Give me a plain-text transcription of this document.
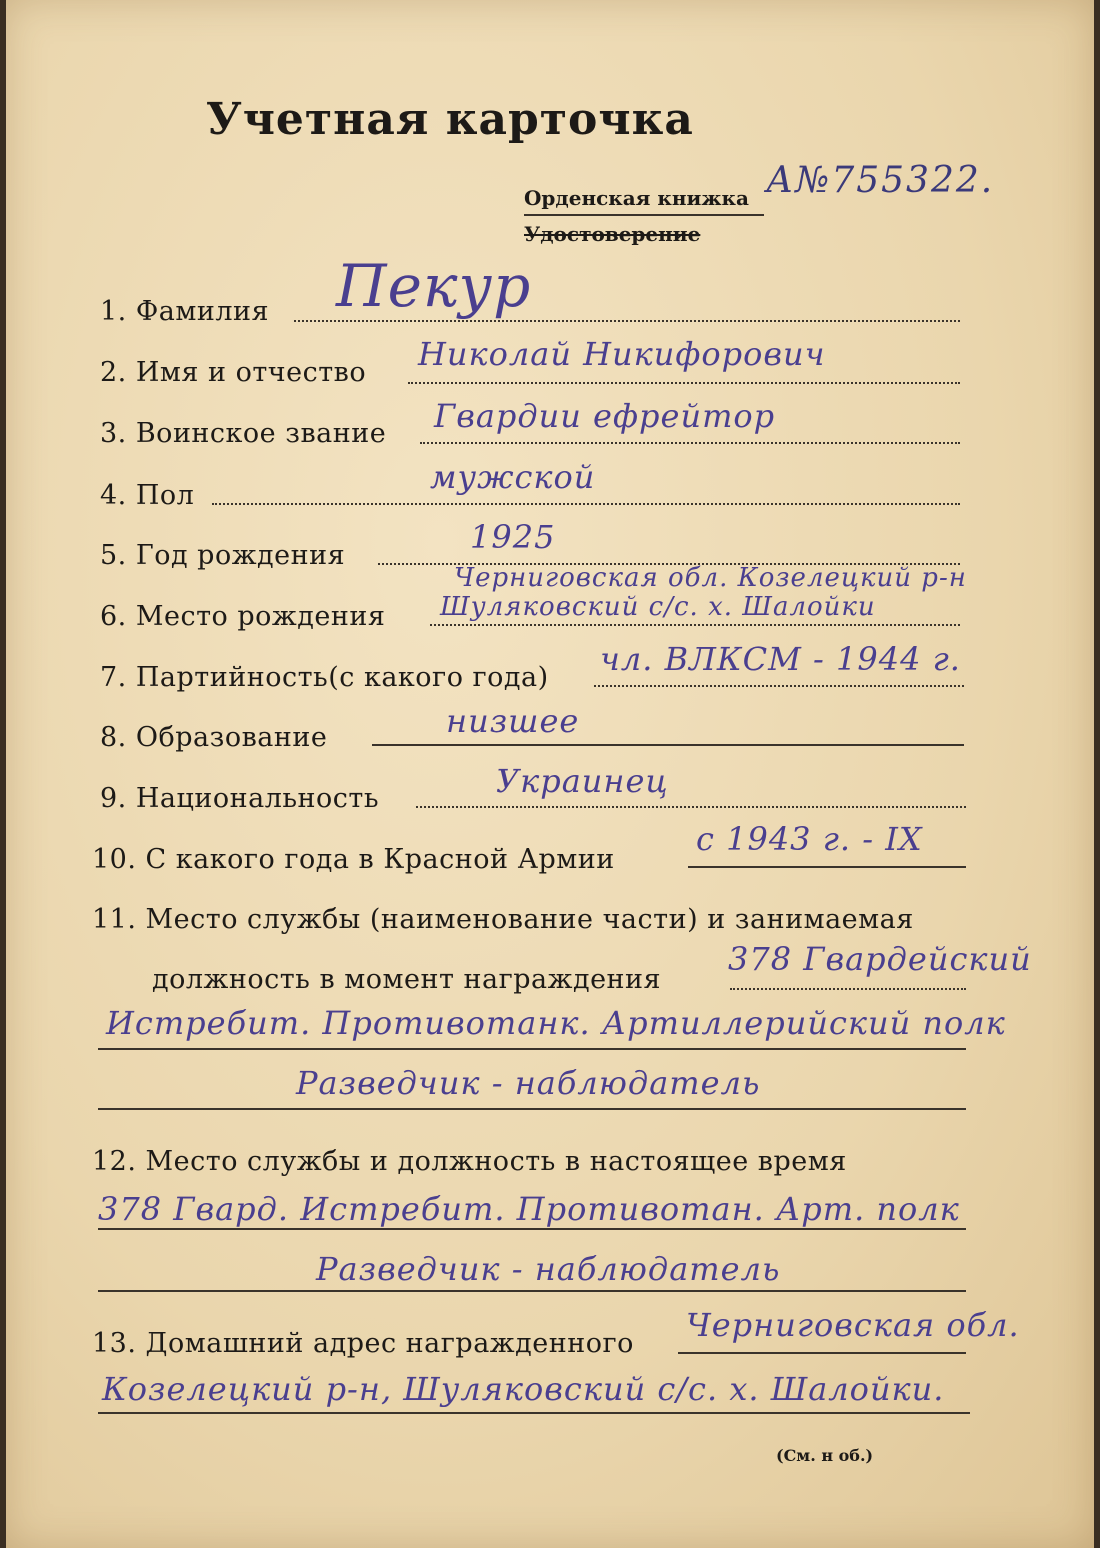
Учетная карточка
Орденская книжка
Удостоверение
А№755322.
1. Фамилия Пекур
2. Имя и отчество Николай Никифорович
3. Воинское звание Гвардии ефрейтор
4. Пол	мужской
5. Год рождения	1925
6. Место рождения
Черниговская обл. Козелецкий р-н
Шуляковский с/с. х. Шалойки
7. Партийность(с какого года) чл. ВЛКСМ - 1944 г.
8. Образование	низшее
9. Национальность	Украинец
10. С какого года в Красной Армии
с 1943 г. - IX
11. Место службы (наименование части) и занимаемая
должность в момент награждения
378 Гвардейский
Истребит. Противотанк. Артиллерийский полк
Разведчик - наблюдатель
12. Место службы и должность в настоящее время
378 Гвард. Истребит. Противотан. Арт. полк
Разведчик - наблюдатель
13. Домашний адрес награжденного Черниговская обл.
Козелецкий р-н, Шуляковский с/с. х. Шалойки.
(См. н об.)
